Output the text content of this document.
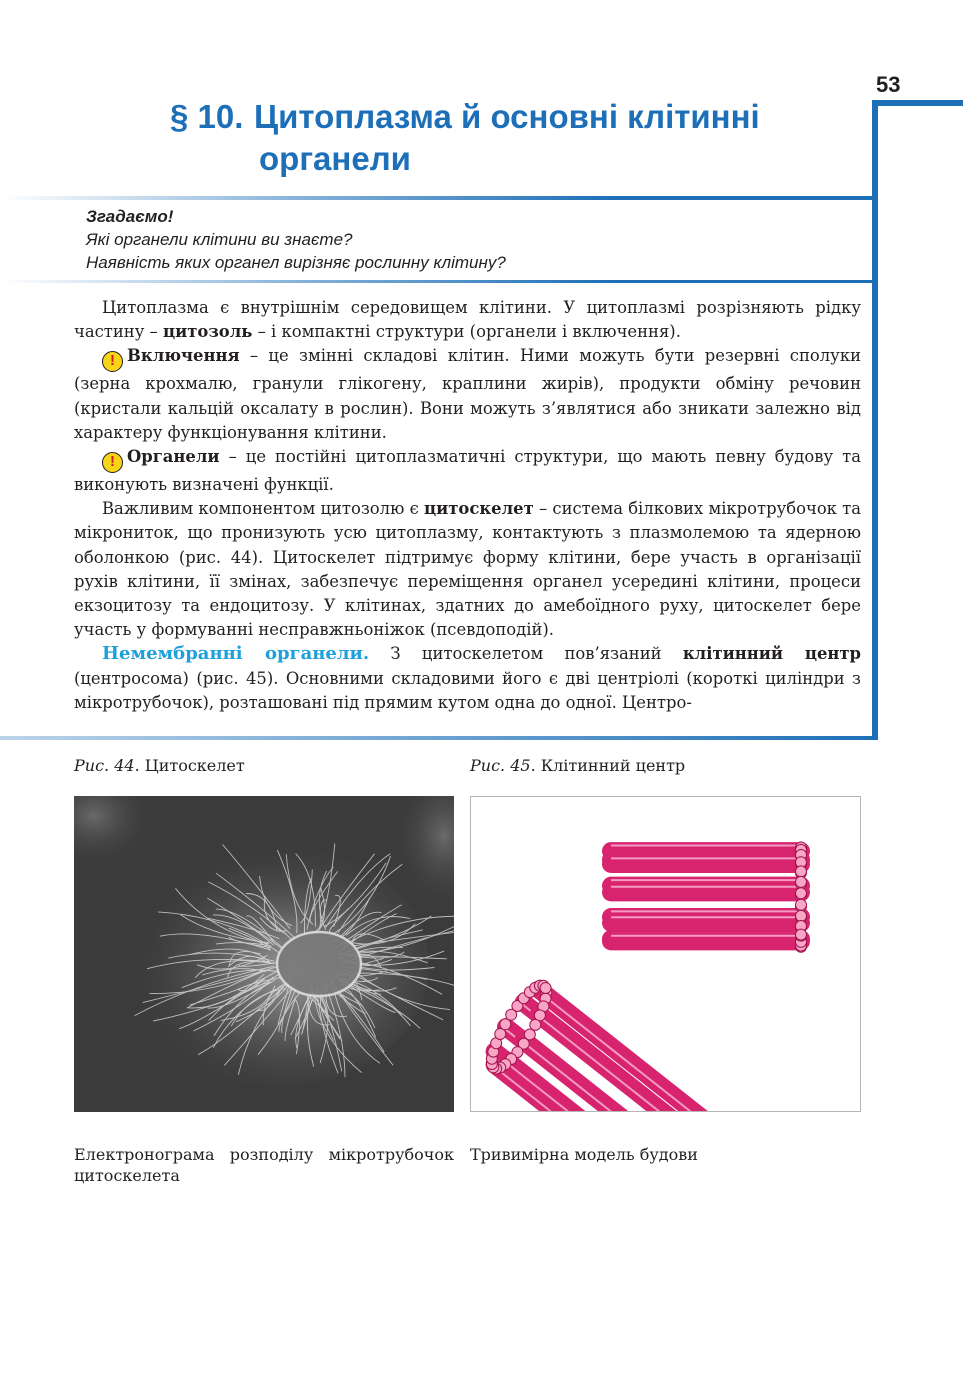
53
§ 10. Цитоплазма й основні клітинні
органели
Згадаємо!
Які органели клітини ви знаєте?
Наявність яких органел вирізняє рослинну клітину?

Цитоплазма є внутрішнім середовищем клітини. У цитоплазмі розрізняють рідку частину – цитозоль – і компактні структури (органели і включення).

! Включення – це змінні складові клітин. Ними можуть бути резервні сполуки (зерна крохмалю, гранули глікогену, краплини жирів), продукти обміну речовин (кристали кальцій оксалату в рослин). Вони можуть з’являтися або зникати залежно від характеру функціонування клітини.

! Органели – це постійні цитоплазматичні структури, що мають певну будову та виконують визначені функції.

Важливим компонентом цитозолю є цитоскелет – система білкових мікротрубочок та мікрониток, що пронизують усю цитоплазму, контактують з плазмолемою та ядерною оболонкою (рис. 44). Цитоскелет підтримує форму клітини, бере участь в організації рухів клітини, її змінах, забезпечує переміщення органел усередині клітини, процеси екзоцитозу та ендоцитозу. У клітинах, здатних до амебоїдного руху, цитоскелет бере участь у формуванні несправжньоніжок (псевдоподій).

Немембранні органели. З цитоскелетом пов’язаний клітинний центр (центросома) (рис. 45). Основними складовими його є дві центріолі (короткі циліндри з мікротрубочок), розташовані під прямим кутом одна до одної. Центро-

Рис. 44. Цитоскелет	Рис. 45. Клітинний центр
Електронограма розподілу мікротрубочок цитоскелета
Тривимірна модель будови
